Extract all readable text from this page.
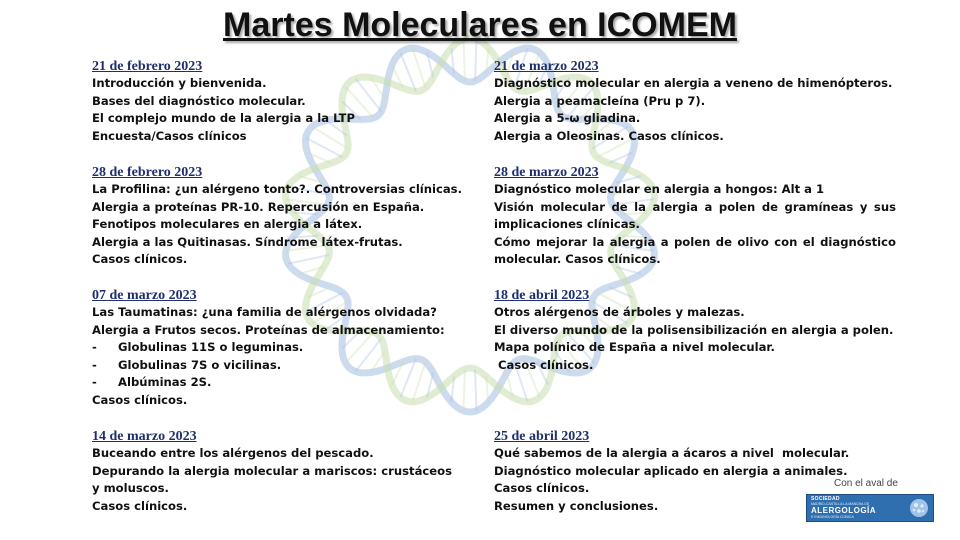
Martes Moleculares en ICOMEM
21 de febrero 2023
Introducción y bienvenida.
Bases del diagnóstico molecular.
El complejo mundo de la alergia a la LTP
Encuesta/Casos clínicos
28 de febrero 2023
La Profilina: ¿un alérgeno tonto?. Controversias clínicas.
Alergia a proteínas PR-10. Repercusión en España.
Fenotipos moleculares en alergia a látex.
Alergia a las Quitinasas. Síndrome látex-frutas.
Casos clínicos.
07 de marzo 2023
Las Taumatinas: ¿una familia de alérgenos olvidada?
Alergia a Frutos secos. Proteínas de almacenamiento:
- Globulinas 11S o leguminas.
- Globulinas 7S o vicilinas.
- Albúminas 2S.
Casos clínicos.
14 de marzo 2023
Buceando entre los alérgenos del pescado.
Depurando la alergia molecular a mariscos: crustáceos y moluscos.
Casos clínicos.
21 de marzo 2023
Diagnóstico molecular en alergia a veneno de himenópteros.
Alergia a peamacleína (Pru p 7).
Alergia a 5-ω gliadina.
Alergia a Oleosinas. Casos clínicos.
28 de marzo 2023
Diagnóstico molecular en alergia a hongos: Alt a 1
Visión molecular de la alergia a polen de gramíneas y sus implicaciones clínicas.
Cómo mejorar la alergia a polen de olivo con el diagnóstico molecular. Casos clínicos.
18 de abril 2023
Otros alérgenos de árboles y malezas.
El diverso mundo de la polisensibilización en alergia a polen.
Mapa polínico de España a nivel molecular.
Casos clínicos.
25 de abril 2023
Qué sabemos de la alergia a ácaros a nivel  molecular.
Diagnóstico molecular aplicado en alergia a animales.
Casos clínicos.
Resumen y conclusiones.
Con el aval de
SOCIEDAD
MADRID-CASTILLA LA MANCHA DE
ALERGOLOGÍA
E INMUNOLOGÍA CLÍNICA
